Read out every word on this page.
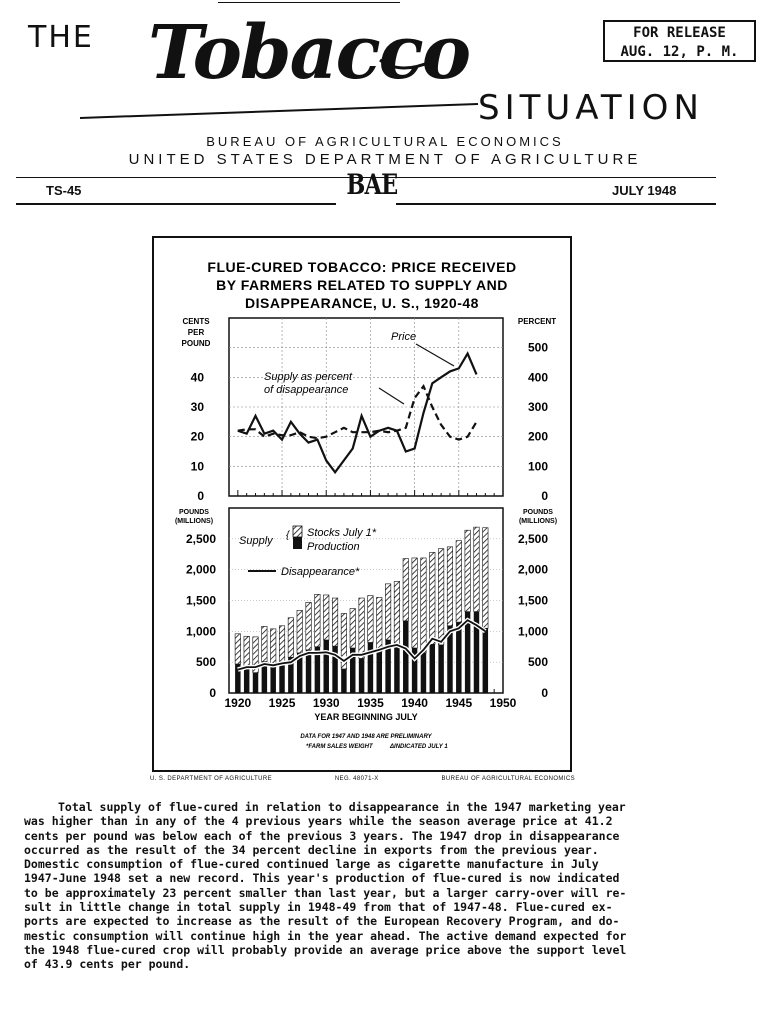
THE Tobacco
SITUATION
FOR RELEASE
AUG. 12, P. M.
BUREAU OF AGRICULTURAL ECONOMICS
UNITED STATES DEPARTMENT OF AGRICULTURE
TS-45	BAE	JULY 1948
FLUE-CURED TOBACCO: PRICE RECEIVED
BY FARMERS RELATED TO SUPPLY AND
DISAPPEARANCE, U. S., 1920-48
CENTS
PER
POUND
PERCENT
0
10
20
30
40
0
100
200
300
400
500
Price
Supply as percent
of disappearance
POUNDS
(MILLIONS)
POUNDS
(MILLIONS)
0
500
1,000
1,500
2,000
2,500
0
500
1,000
1,500
2,000
2,500
Supply { Stocks July 1*
Production
Disappearance*
1920 1925 1930 1935 1940 1945 1950
YEAR BEGINNING JULY
DATA FOR 1947 AND 1948 ARE PRELIMINARY
*FARM SALES WEIGHT	ΔINDICATED JULY 1
U. S. DEPARTMENT OF AGRICULTURE	NEG. 48071-X	BUREAU OF AGRICULTURAL ECONOMICS
Total supply of flue-cured in relation to disappearance in the 1947 marketing year
was higher than in any of the 4 previous years while the season average price at 41.2
cents per pound was below each of the previous 3 years. The 1947 drop in disappearance
occurred as the result of the 34 percent decline in exports from the previous year.
Domestic consumption of flue-cured continued large as cigarette manufacture in July
1947-June 1948 set a new record. This year's production of flue-cured is now indicated
to be approximately 23 percent smaller than last year, but a larger carry-over will re-
sult in little change in total supply in 1948-49 from that of 1947-48. Flue-cured ex-
ports are expected to increase as the result of the European Recovery Program, and do-
mestic consumption will continue high in the year ahead. The active demand expected for
the 1948 flue-cured crop will probably provide an average price above the support level
of 43.9 cents per pound.
